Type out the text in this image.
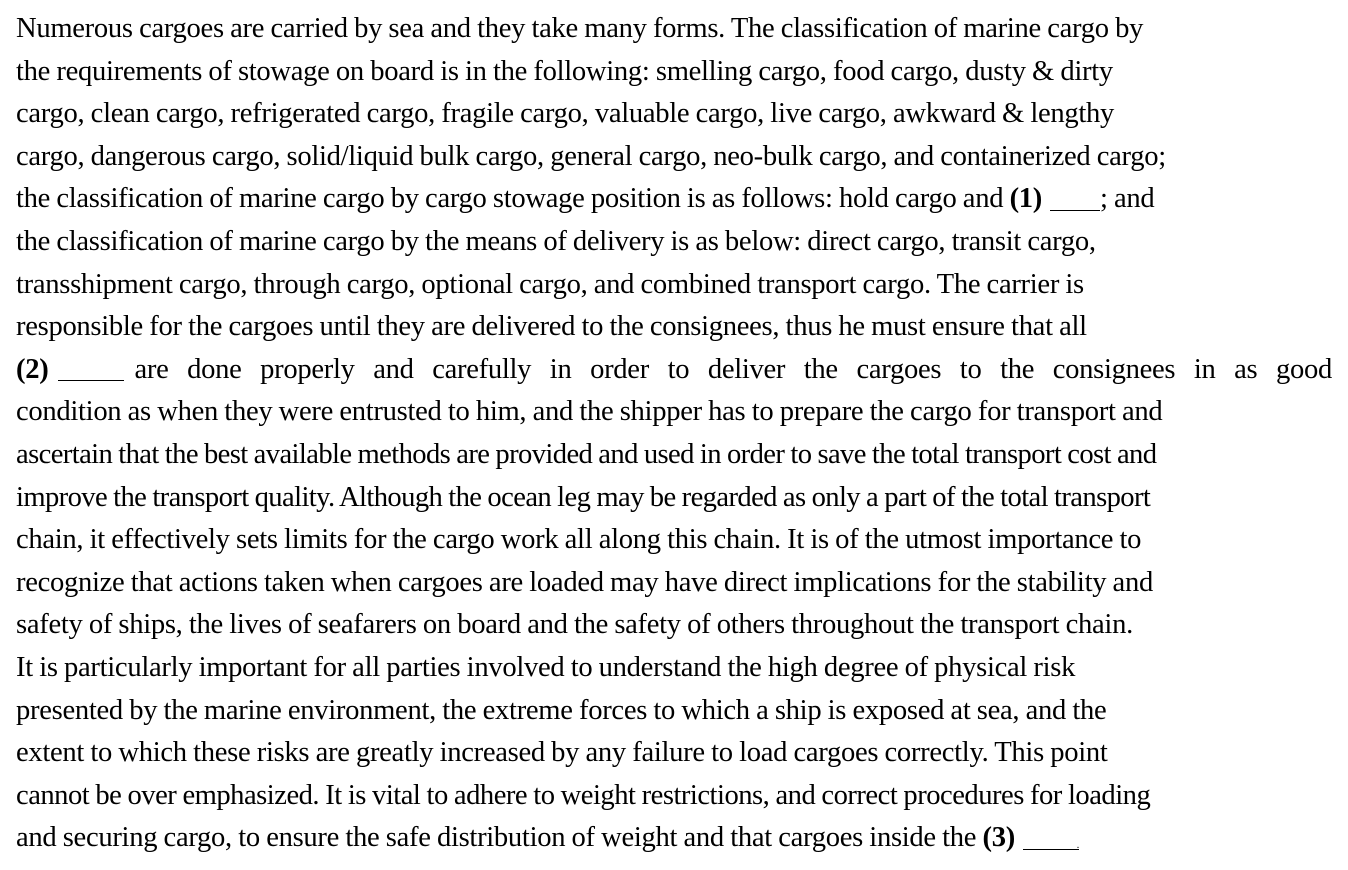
Numerous cargoes are carried by sea and they take many forms. The classification of marine cargo by
the requirements of stowage on board is in the following: smelling cargo, food cargo, dusty & dirty
cargo, clean cargo, refrigerated cargo, fragile cargo, valuable cargo, live cargo, awkward & lengthy
cargo, dangerous cargo, solid/liquid bulk cargo, general cargo, neo-bulk cargo, and containerized cargo;
the classification of marine cargo by cargo stowage position is as follows: hold cargo and (1) ; and
the classification of marine cargo by the means of delivery is as below: direct cargo, transit cargo,
transshipment cargo, through cargo, optional cargo, and combined transport cargo. The carrier is
responsible for the cargoes until they are delivered to the consignees, thus he must ensure that all
(2)	are done properly and carefully in order to deliver the cargoes to the consignees in as good
condition as when they were entrusted to him, and the shipper has to prepare the cargo for transport and
ascertain that the best available methods are provided and used in order to save the total transport cost and
improve the transport quality. Although the ocean leg may be regarded as only a part of the total transport
chain, it effectively sets limits for the cargo work all along this chain. It is of the utmost importance to
recognize that actions taken when cargoes are loaded may have direct implications for the stability and
safety of ships, the lives of seafarers on board and the safety of others throughout the transport chain.
It is particularly important for all parties involved to understand the high degree of physical risk
presented by the marine environment, the extreme forces to which a ship is exposed at sea, and the
extent to which these risks are greatly increased by any failure to load cargoes correctly. This point
cannot be over emphasized. It is vital to adhere to weight restrictions, and correct procedures for loading
and securing cargo, to ensure the safe distribution of weight and that cargoes inside the (3)	.
